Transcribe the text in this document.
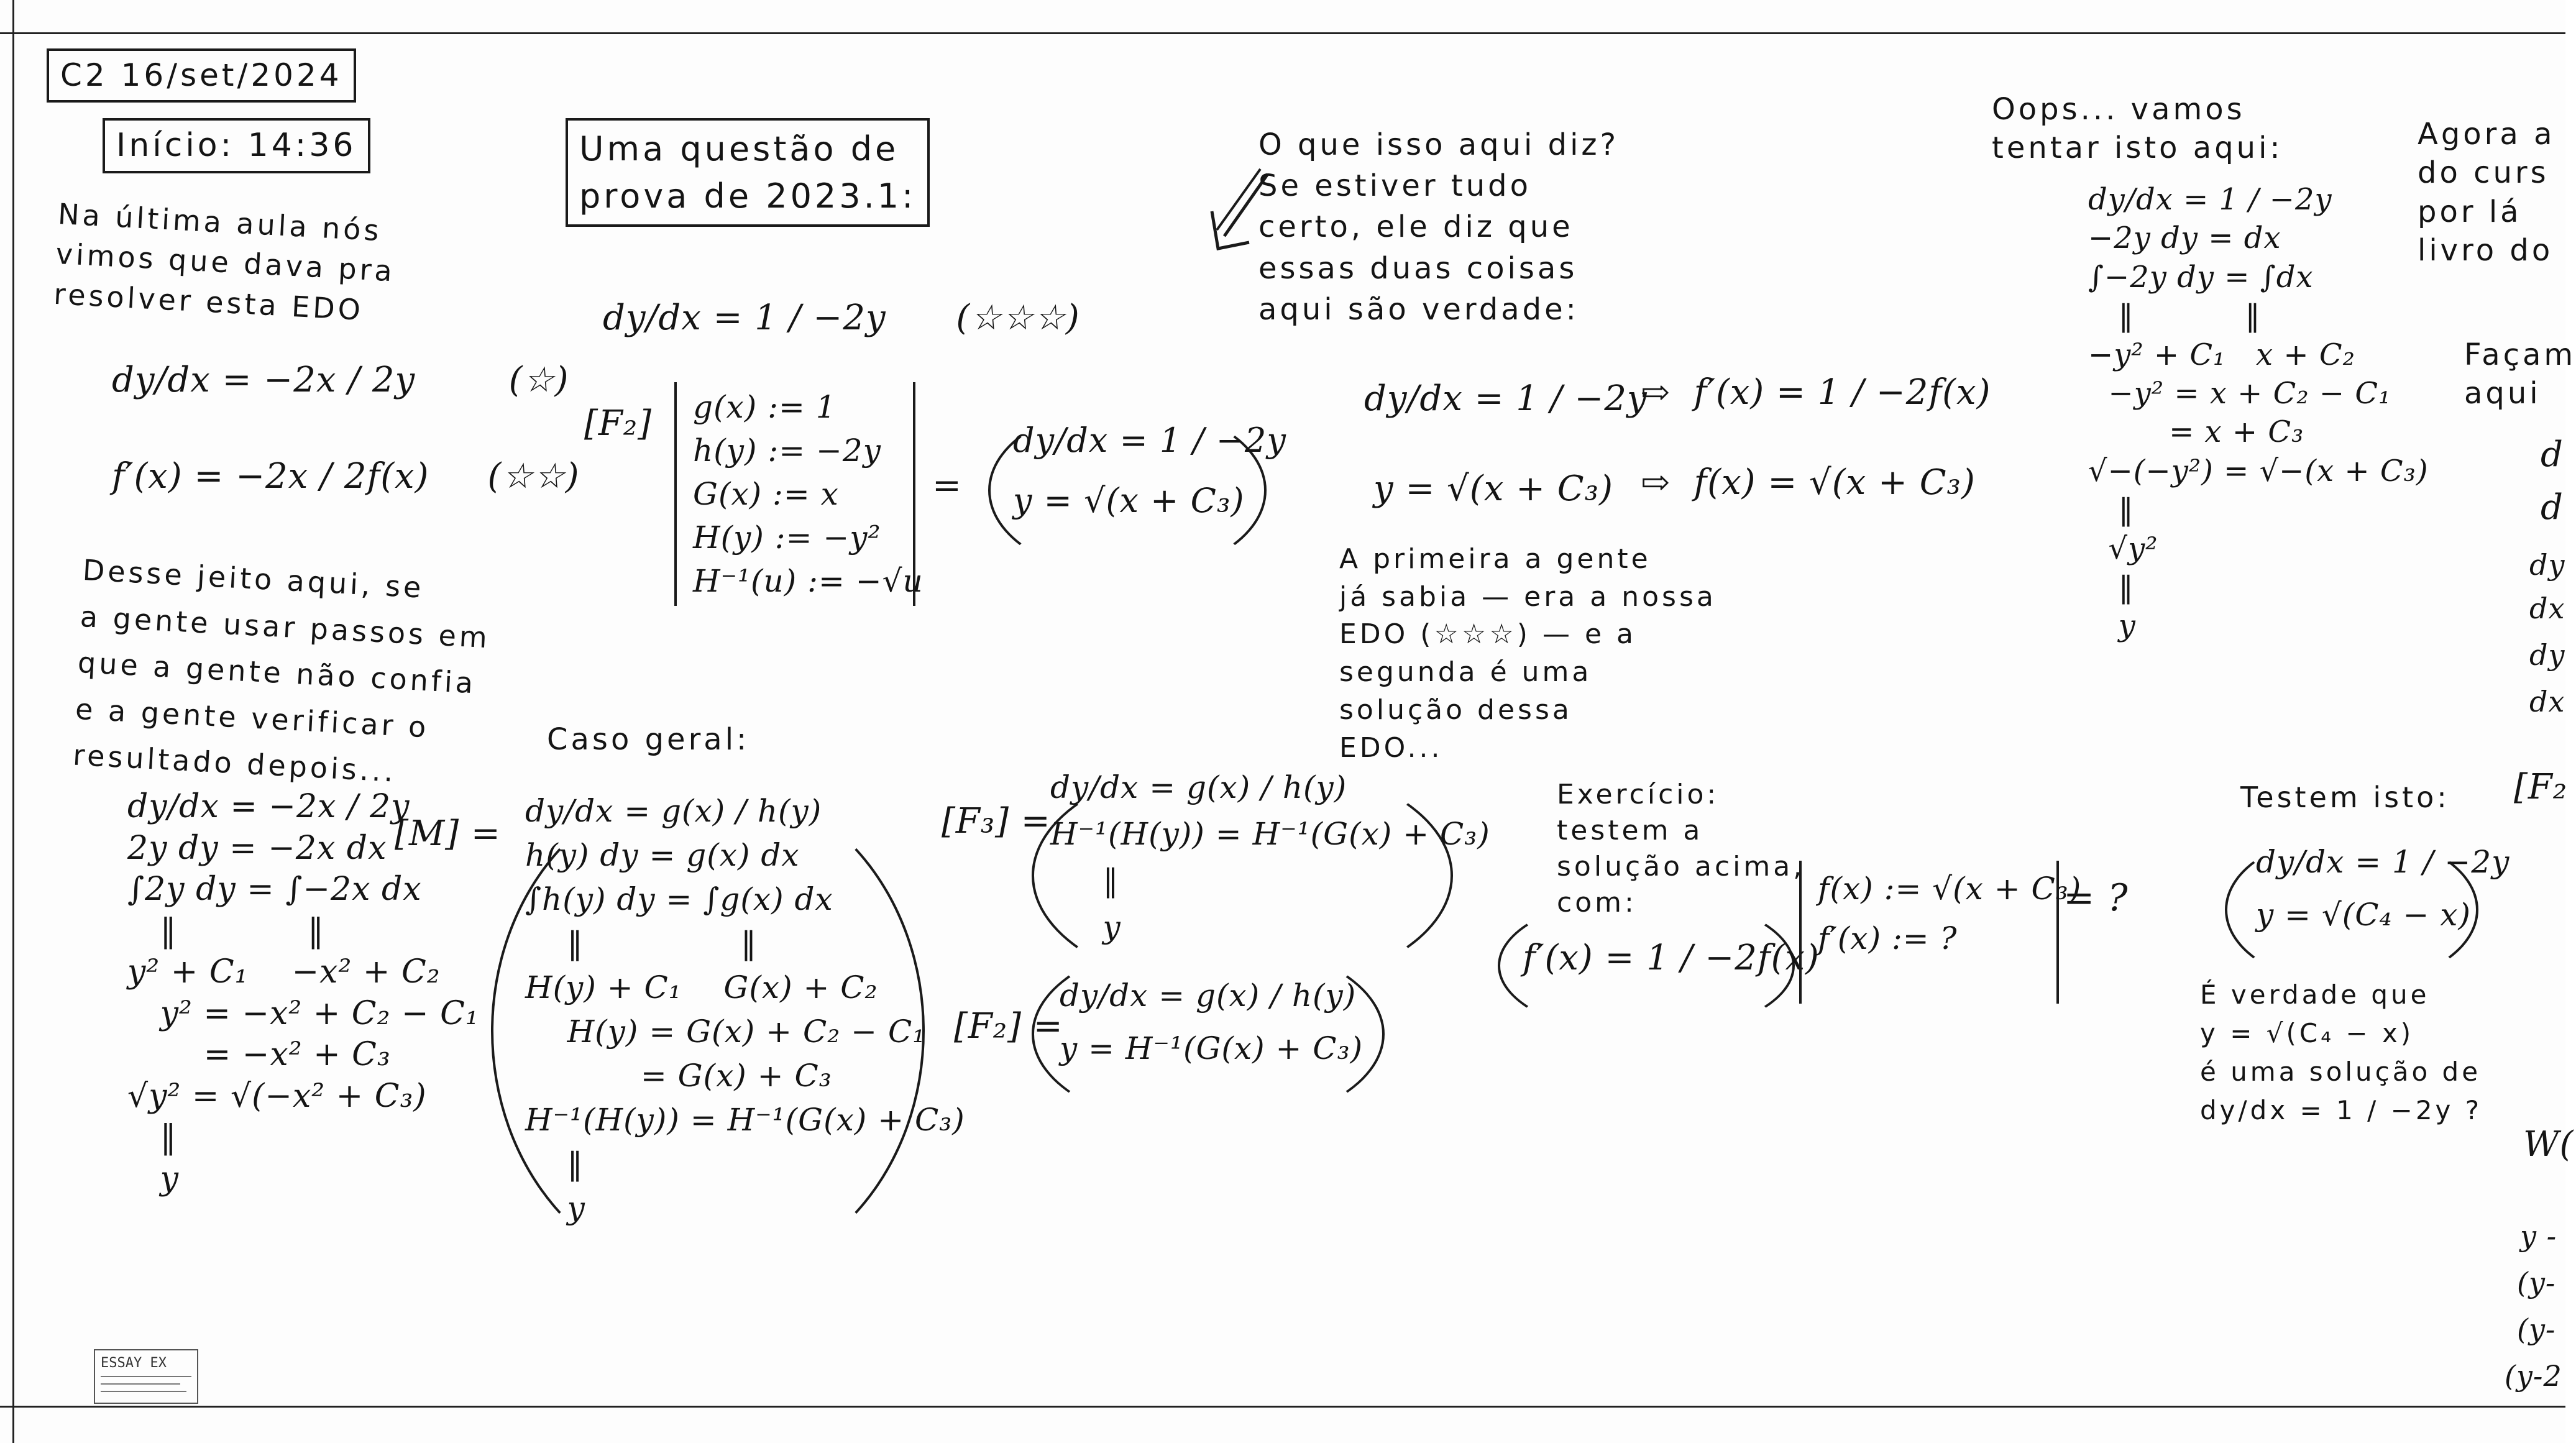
C2 16/set/2024
Início: 14:36
Na última aula nós
vimos que dava pra
resolver esta EDO
dy/dx = −2x / 2y        (☆)
f′(x) = −2x / 2f(x)     (☆☆)
Desse jeito aqui, se
a gente usar passos em
que a gente não confia
e a gente verificar o
resultado depois...
[M] =
dy/dx = −2x / 2y
2y dy = −2x dx
∫2y dy = ∫−2x dx
‖            ‖
y² + C₁    −x² + C₂
y² = −x² + C₂ − C₁
= −x² + C₃
√y² = √(−x² + C₃)
‖
y
Uma questão de
prova de 2023.1:
dy/dx = 1 / −2y      (☆☆☆)
[F₂] g(x) := 1
h(y) := −2y
G(x) := x
H(y) := −y²
H⁻¹(u) := −√u
=
dy/dx = 1 / −2y
y = √(x + C₃)
Caso geral:
dy/dx = g(x) / h(y)
h(y) dy = g(x) dx
∫h(y) dy = ∫g(x) dx
‖               ‖
H(y) + C₁    G(x) + C₂
H(y) = G(x) + C₂ − C₁
= G(x) + C₃
H⁻¹(H(y)) = H⁻¹(G(x) + C₃)
‖
y
[F₃] =
dy/dx = g(x) / h(y)
H⁻¹(H(y)) = H⁻¹(G(x) + C₃)
‖
y
[F₂] =
dy/dx = g(x) / h(y)
y = H⁻¹(G(x) + C₃)
O que isso aqui diz?
Se estiver tudo
certo, ele diz que
essas duas coisas
aqui são verdade:
dy/dx = 1 / −2y
y = √(x + C₃)
⇨  f′(x) = 1 / −2f(x)
⇨  f(x) = √(x + C₃)
A primeira a gente
já sabia — era a nossa
EDO (☆☆☆) — e a
segunda é uma
solução dessa
EDO...
Exercício:
testem a
solução acima,
com:
f′(x) = 1 / −2f(x)
f(x) := √(x + C₃)
f′(x) := ?
= ?
Oops... vamos
tentar isto aqui:
dy/dx = 1 / −2y
−2y dy = dx
∫−2y dy = ∫dx
‖           ‖
−y² + C₁   x + C₂
−y² = x + C₂ − C₁
= x + C₃
√−(−y²) = √−(x + C₃)
‖
√y²
‖
y
Testem isto:
dy/dx = 1 / −2y
y = √(C₄ − x)
É verdade que
y = √(C₄ − x)
é uma solução de
dy/dx = 1 / −2y ?
Agora a
do curs
por lá
livro do
Façam
aqui
d
d
dy
dx
dy
dx
[F₂
W(
y -
(y-
(y-
(y-2
ESSAY EX
